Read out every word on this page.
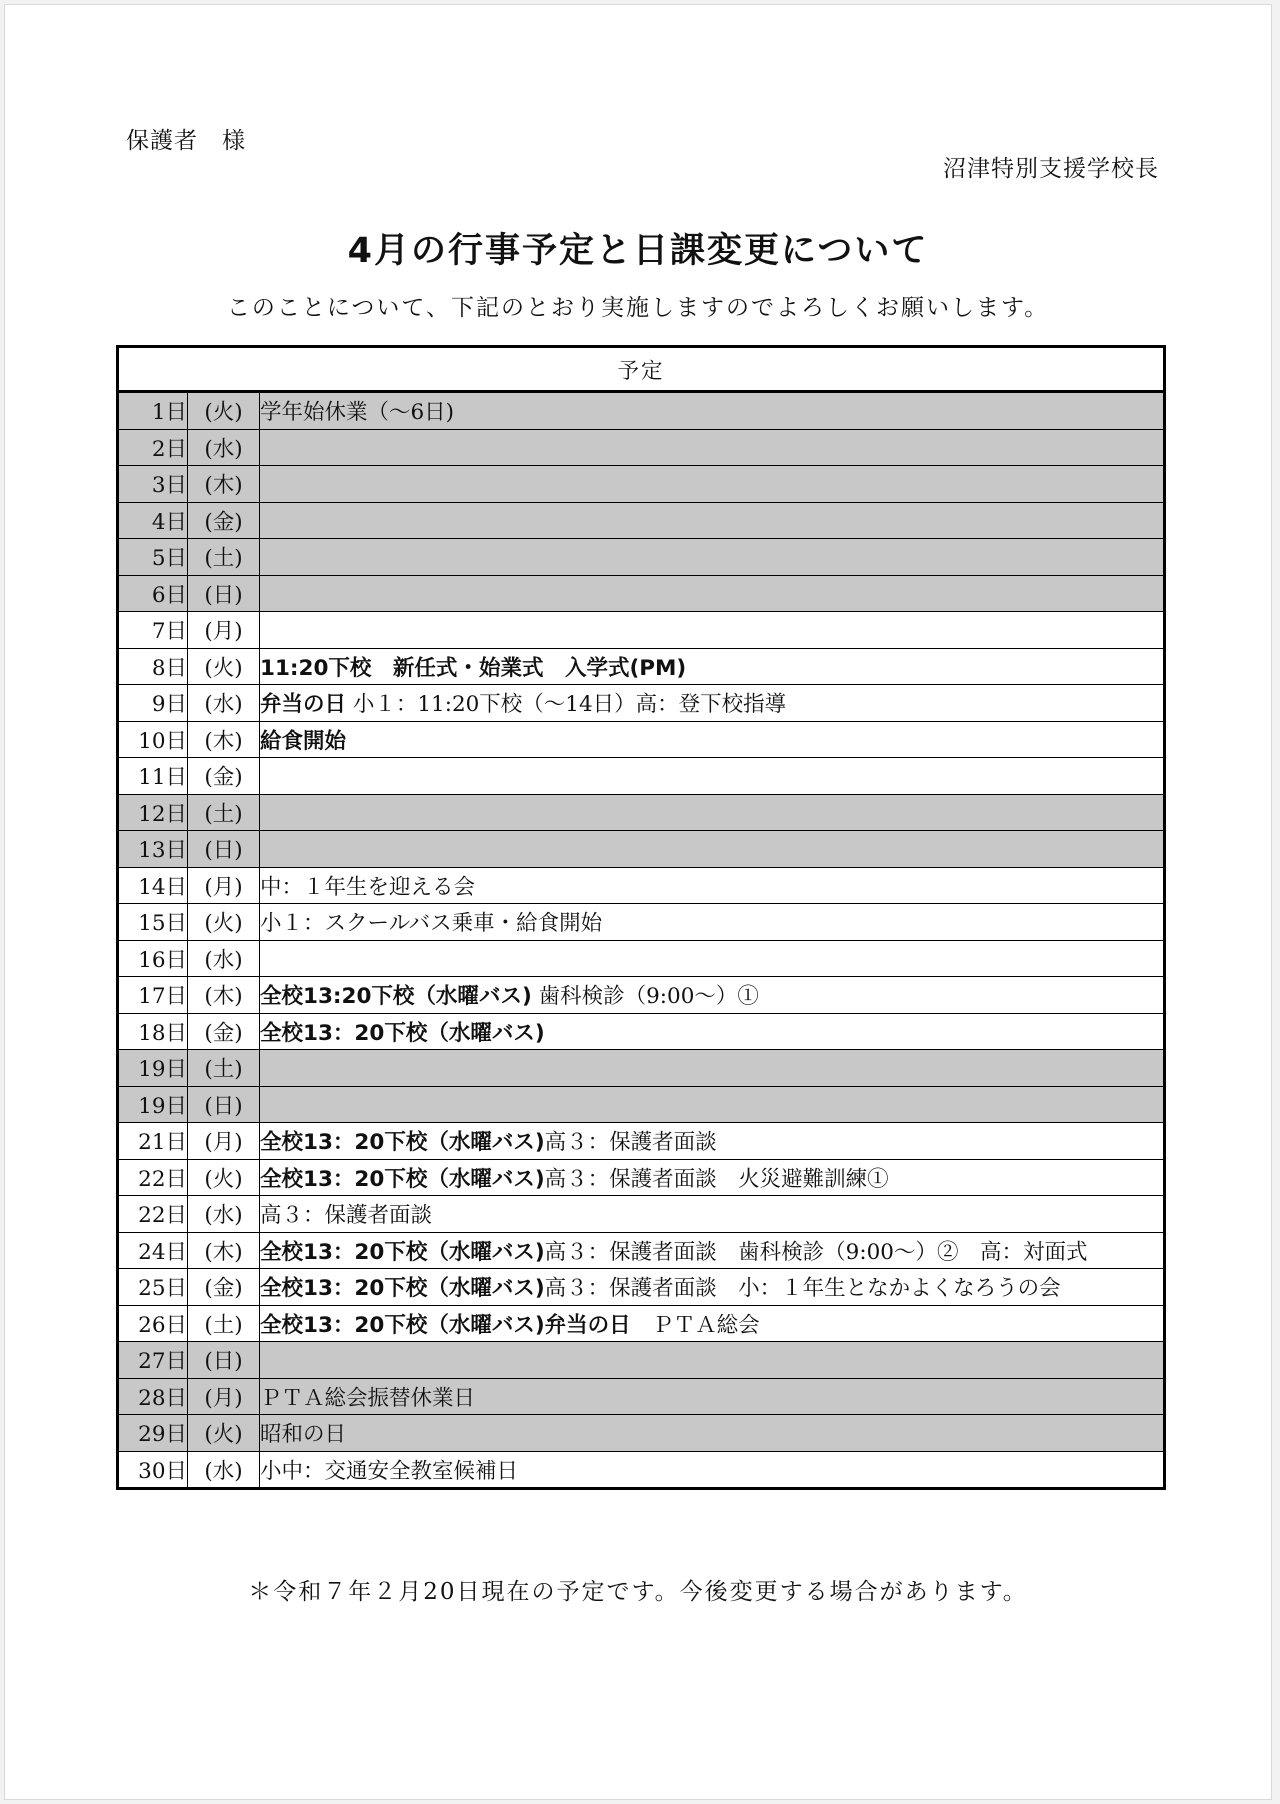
保護者　様
沼津特別支援学校長
4月の行事予定と日課変更について
このことについて、下記のとおり実施しますのでよろしくお願いします。
予定		
1日	(火)	学年始休業（～6日)
2日	(水)	
3日	(木)	
4日	(金)	
5日	(土)	
6日	(日)	
7日	(月)	
8日	(火)	11:20下校　新任式・始業式　入学式(PM)
9日	(水)	弁当の日 小１：11:20下校（～14日）高：登下校指導
10日	(木)	給食開始
11日	(金)	
12日	(土)	
13日	(日)	
14日	(月)	中：１年生を迎える会
15日	(火)	小１：スクールバス乗車・給食開始
16日	(水)	
17日	(木)	全校13:20下校（水曜バス) 歯科検診（9:00～）①
18日	(金)	全校13：20下校（水曜バス)
19日	(土)	
19日	(日)	
21日	(月)	全校13：20下校（水曜バス)高３：保護者面談
22日	(火)	全校13：20下校（水曜バス)高３：保護者面談　火災避難訓練①
22日	(水)	高３：保護者面談
24日	(木)	全校13：20下校（水曜バス)高３：保護者面談　歯科検診（9:00～）②　高：対面式
25日	(金)	全校13：20下校（水曜バス)高３：保護者面談　小：１年生となかよくなろうの会
26日	(土)	全校13：20下校（水曜バス)弁当の日　ＰＴＡ総会
27日	(日)	
28日	(月)	ＰＴＡ総会振替休業日
29日	(火)	昭和の日
30日	(水)	小中：交通安全教室候補日
＊令和７年２月20日現在の予定です。今後変更する場合があります。
